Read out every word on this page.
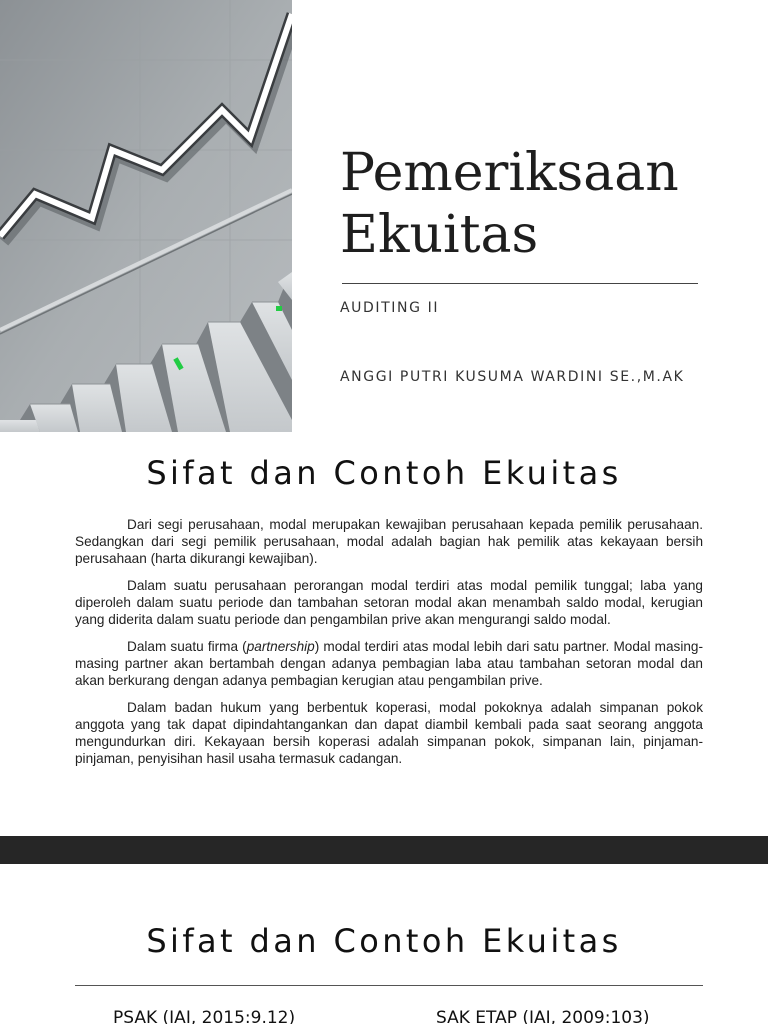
Pemeriksaan
Ekuitas
AUDITING II
ANGGI PUTRI KUSUMA WARDINI SE.,M.AK
Sifat dan Contoh Ekuitas

Dari segi perusahaan, modal merupakan kewajiban perusahaan kepada pemilik perusahaan. Sedangkan dari segi pemilik perusahaan, modal adalah bagian hak pemilik atas kekayaan bersih perusahaan (harta dikurangi kewajiban).

Dalam suatu perusahaan perorangan modal terdiri atas modal pemilik tunggal; laba yang diperoleh dalam suatu periode dan tambahan setoran modal akan menambah saldo modal, kerugian yang diderita dalam suatu periode dan pengambilan prive akan mengurangi saldo modal.

Dalam suatu firma (partnership) modal terdiri atas modal lebih dari satu partner. Modal masing-masing partner akan bertambah dengan adanya pembagian laba atau tambahan setoran modal dan akan berkurang dengan adanya pembagian kerugian atau pengambilan prive.

Dalam badan hukum yang berbentuk koperasi, modal pokoknya adalah simpanan pokok anggota yang tak dapat dipindahtangankan dan dapat diambil kembali pada saat seorang anggota mengundurkan diri. Kekayaan bersih koperasi adalah simpanan pokok, simpanan lain, pinjaman-pinjaman, penyisihan hasil usaha termasuk cadangan.

Sifat dan Contoh Ekuitas
PSAK (IAI, 2015:9.12)	SAK ETAP (IAI, 2009:103)
